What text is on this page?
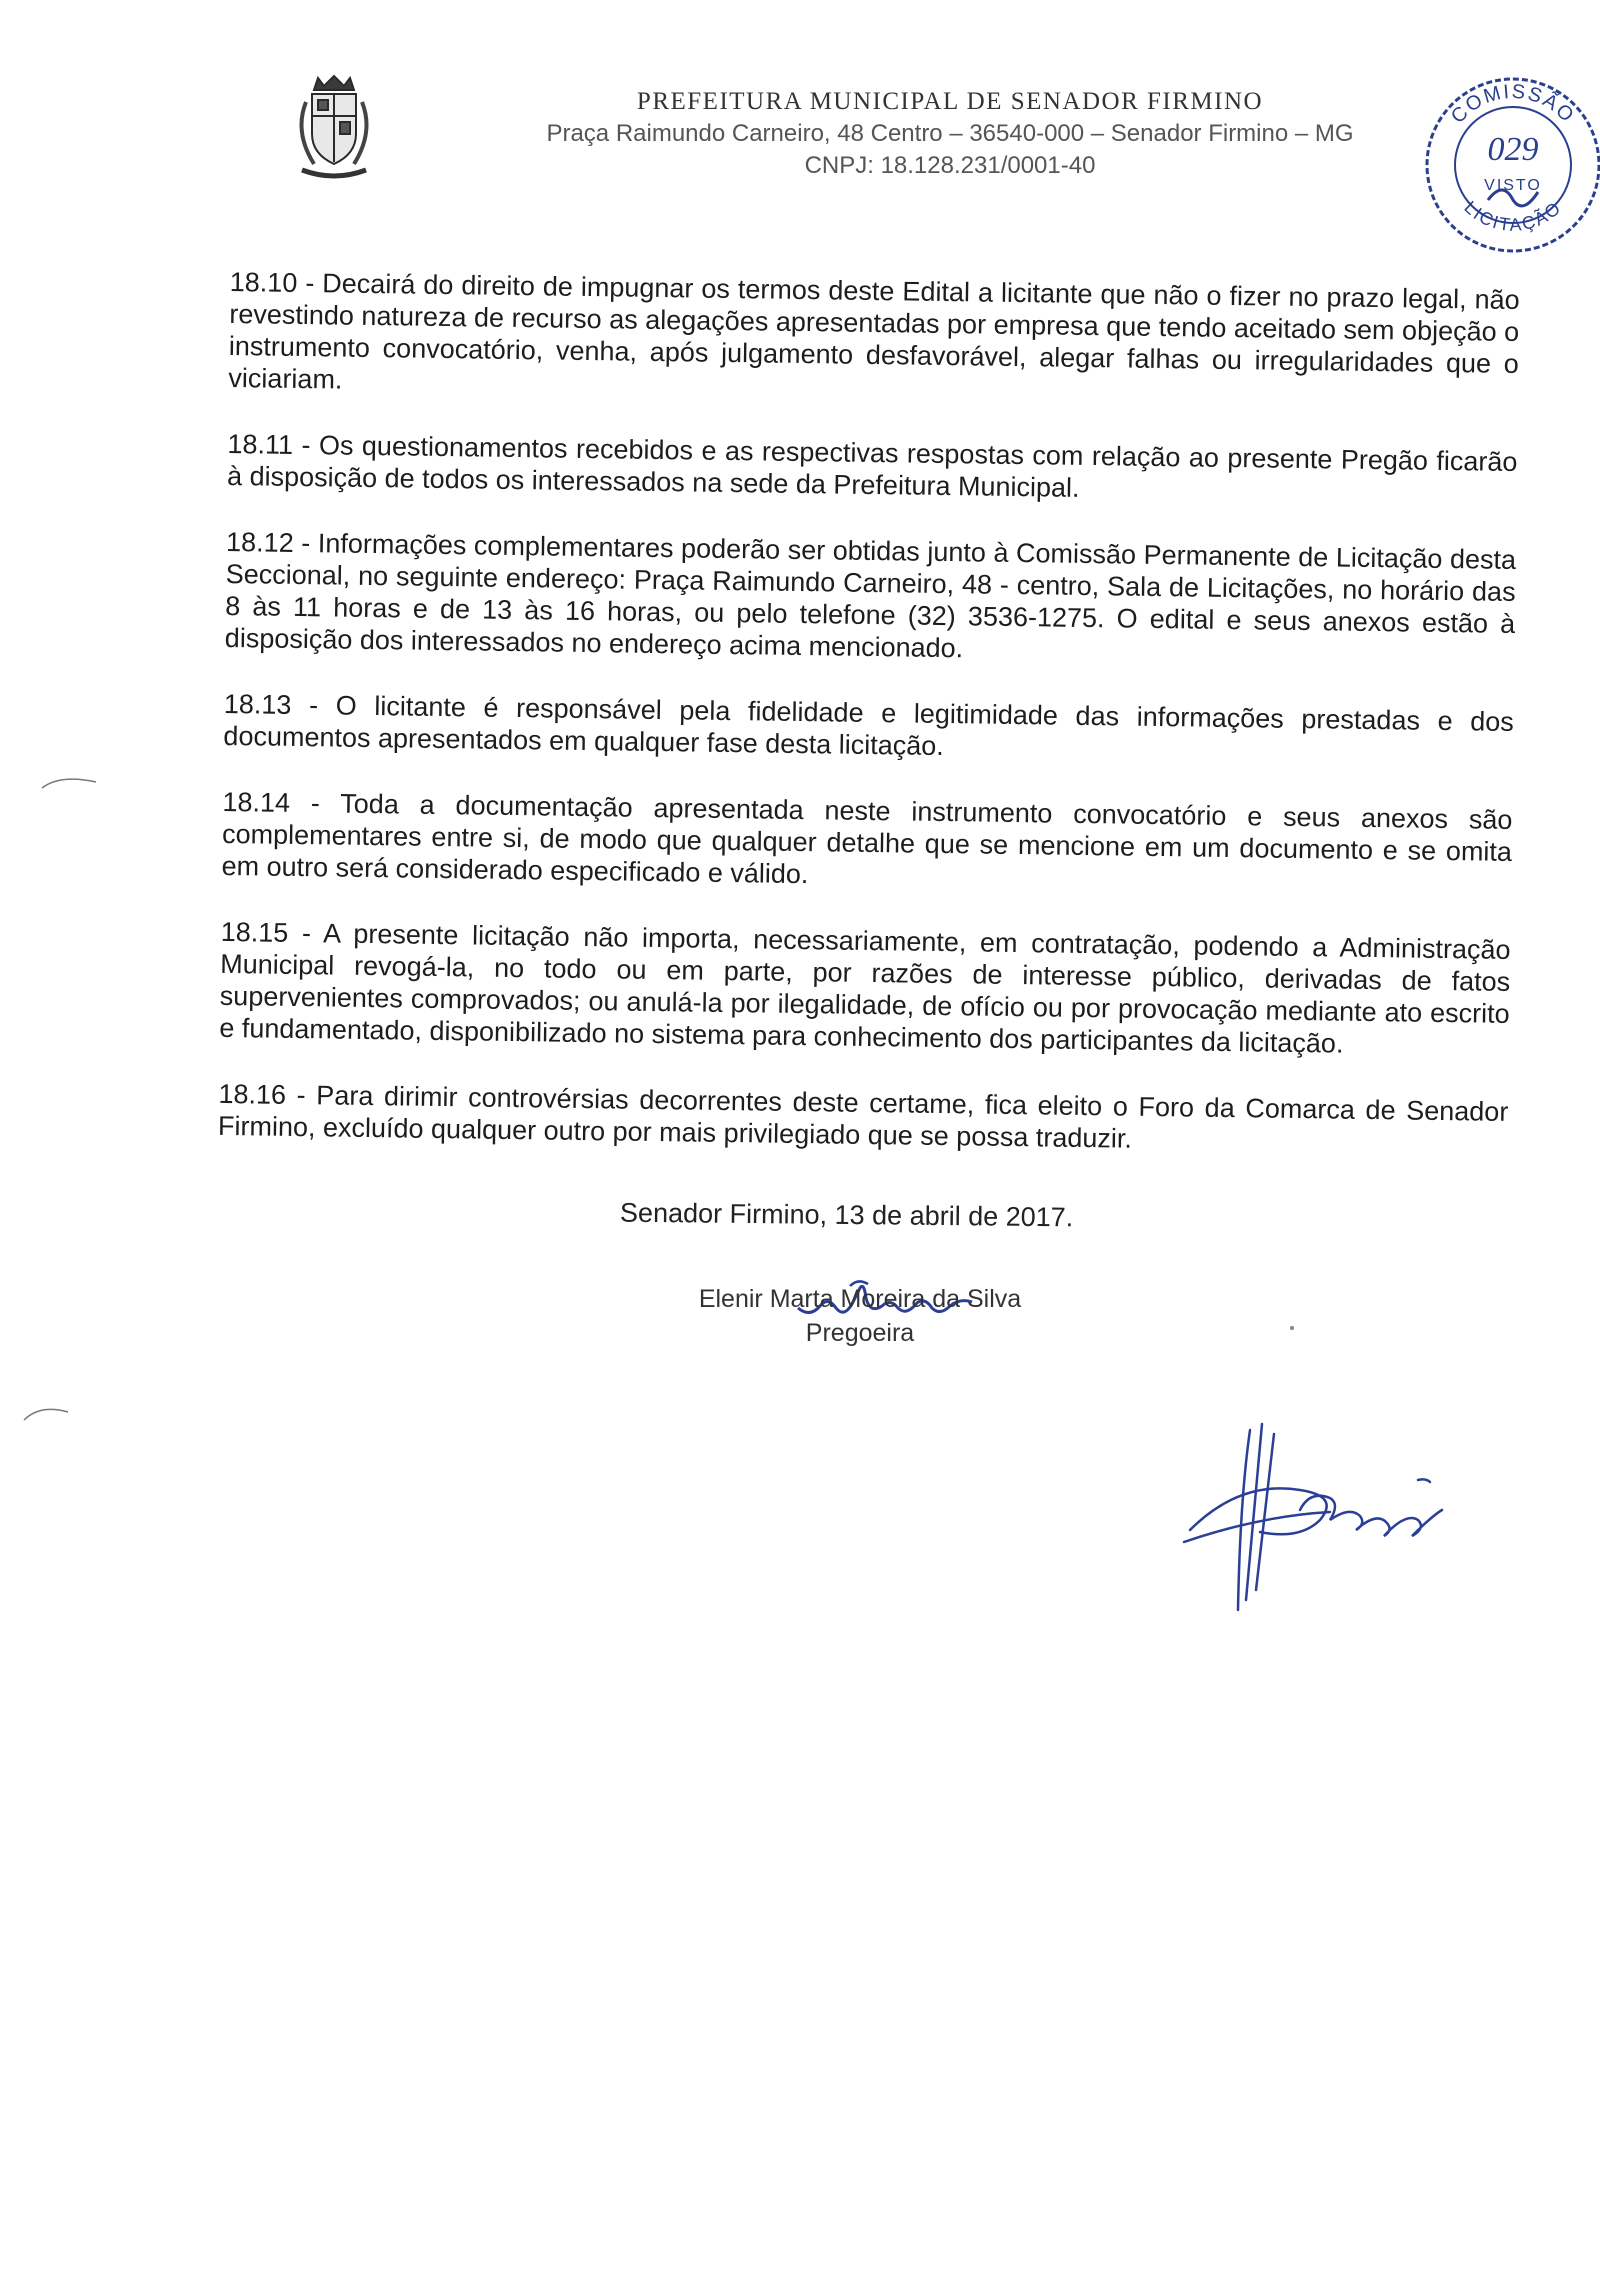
PREFEITURA MUNICIPAL DE SENADOR FIRMINO

Praça Raimundo Carneiro, 48 Centro – 36540-000 – Senador Firmino – MG

CNPJ: 18.128.231/0001-40

COMISSÃO
029
VISTO
LICITAÇÃO

18.10 - Decairá do direito de impugnar os termos deste Edital a licitante que não o fizer no prazo legal, não revestindo natureza de recurso as alegações apresentadas por empresa que tendo aceitado sem objeção o instrumento convocatório, venha, após julgamento desfavorável, alegar falhas ou irregularidades que o viciariam.

18.11 - Os questionamentos recebidos e as respectivas respostas com relação ao presente Pregão ficarão à disposição de todos os interessados na sede da Prefeitura Municipal.

18.12 - Informações complementares poderão ser obtidas junto à Comissão Permanente de Licitação desta Seccional, no seguinte endereço: Praça Raimundo Carneiro, 48 - centro, Sala de Licitações, no horário das 8 às 11 horas e de 13 às 16 horas, ou pelo telefone (32) 3536-1275. O edital e seus anexos estão à disposição dos interessados no endereço acima mencionado.

18.13 - O licitante é responsável pela fidelidade e legitimidade das informações prestadas e dos documentos apresentados em qualquer fase desta licitação.

18.14 - Toda a documentação apresentada neste instrumento convocatório e seus anexos são complementares entre si, de modo que qualquer detalhe que se mencione em um documento e se omita em outro será considerado especificado e válido.

18.15 - A presente licitação não importa, necessariamente, em contratação, podendo a Administração Municipal revogá-la, no todo ou em parte, por razões de interesse público, derivadas de fatos supervenientes comprovados; ou anulá-la por ilegalidade, de ofício ou por provocação mediante ato escrito e fundamentado, disponibilizado no sistema para conhecimento dos participantes da licitação.

18.16 - Para dirimir controvérsias decorrentes deste certame, fica eleito o Foro da Comarca de Senador Firmino, excluído qualquer outro por mais privilegiado que se possa traduzir.

Senador Firmino, 13 de abril de 2017.
Elenir Marta Moreira da Silva
Pregoeira
